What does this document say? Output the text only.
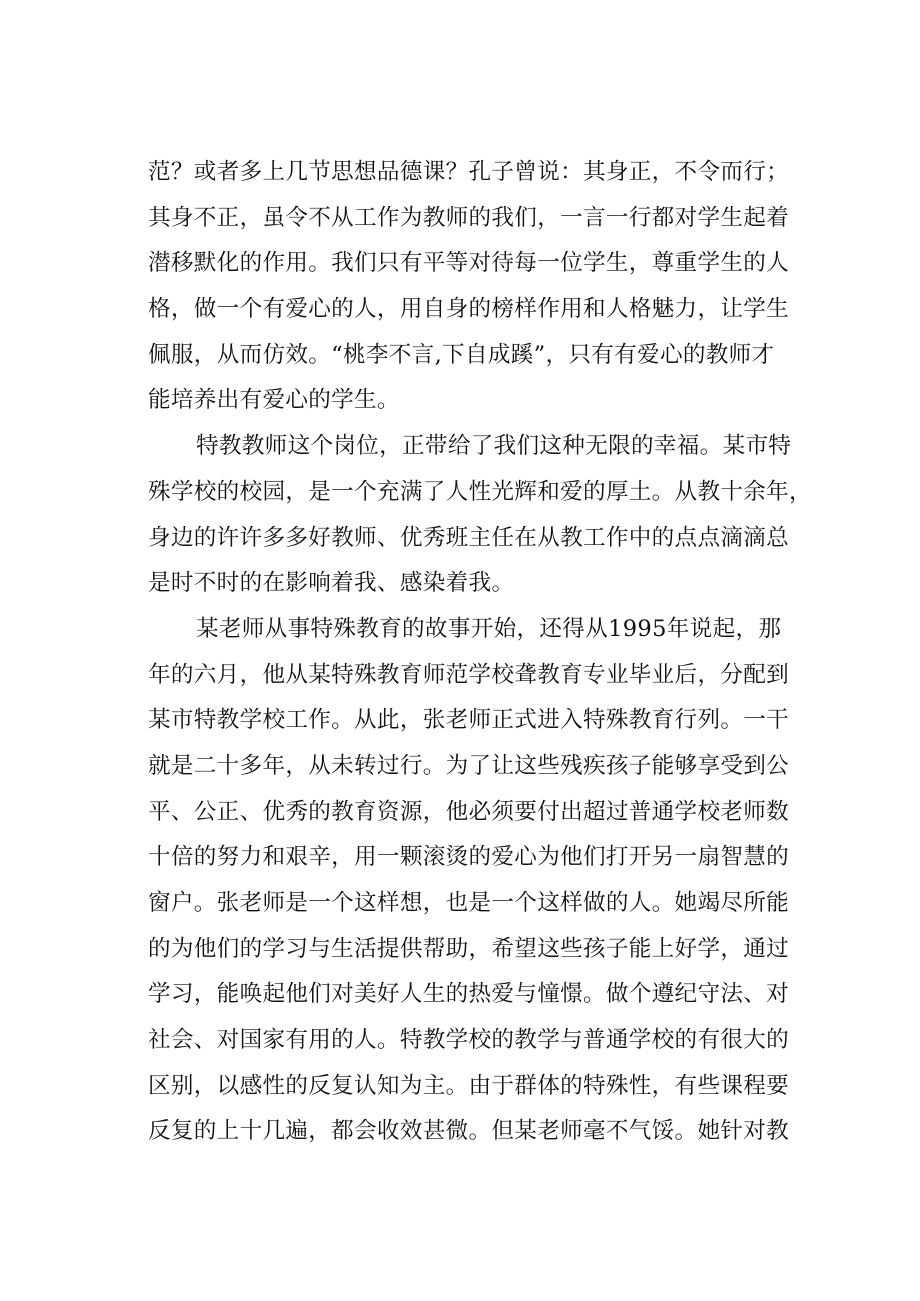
范？或者多上几节思想品德课？孔子曾说：其身正，不令而行；
其身不正，虽令不从工作为教师的我们，一言一行都对学生起着
潜移默化的作用。我们只有平等对待每一位学生，尊重学生的人
格，做一个有爱心的人，用自身的榜样作用和人格魅力，让学生
佩服，从而仿效。“桃李不言,下自成蹊”，只有有爱心的教师才
能培养出有爱心的学生。
特教教师这个岗位，正带给了我们这种无限的幸福。某市特
殊学校的校园，是一个充满了人性光辉和爱的厚土。从教十余年，
身边的许许多多好教师、优秀班主任在从教工作中的点点滴滴总
是时不时的在影响着我、感染着我。
某老师从事特殊教育的故事开始，还得从1995年说起，那
年的六月，他从某特殊教育师范学校聋教育专业毕业后，分配到
某市特教学校工作。从此，张老师正式进入特殊教育行列。一干
就是二十多年，从未转过行。为了让这些残疾孩子能够享受到公
平、公正、优秀的教育资源，他必须要付出超过普通学校老师数
十倍的努力和艰辛，用一颗滚烫的爱心为他们打开另一扇智慧的
窗户。张老师是一个这样想，也是一个这样做的人。她竭尽所能
的为他们的学习与生活提供帮助，希望这些孩子能上好学，通过
学习，能唤起他们对美好人生的热爱与憧憬。做个遵纪守法、对
社会、对国家有用的人。特教学校的教学与普通学校的有很大的
区别，以感性的反复认知为主。由于群体的特殊性，有些课程要
反复的上十几遍，都会收效甚微。但某老师毫不气馁。她针对教
